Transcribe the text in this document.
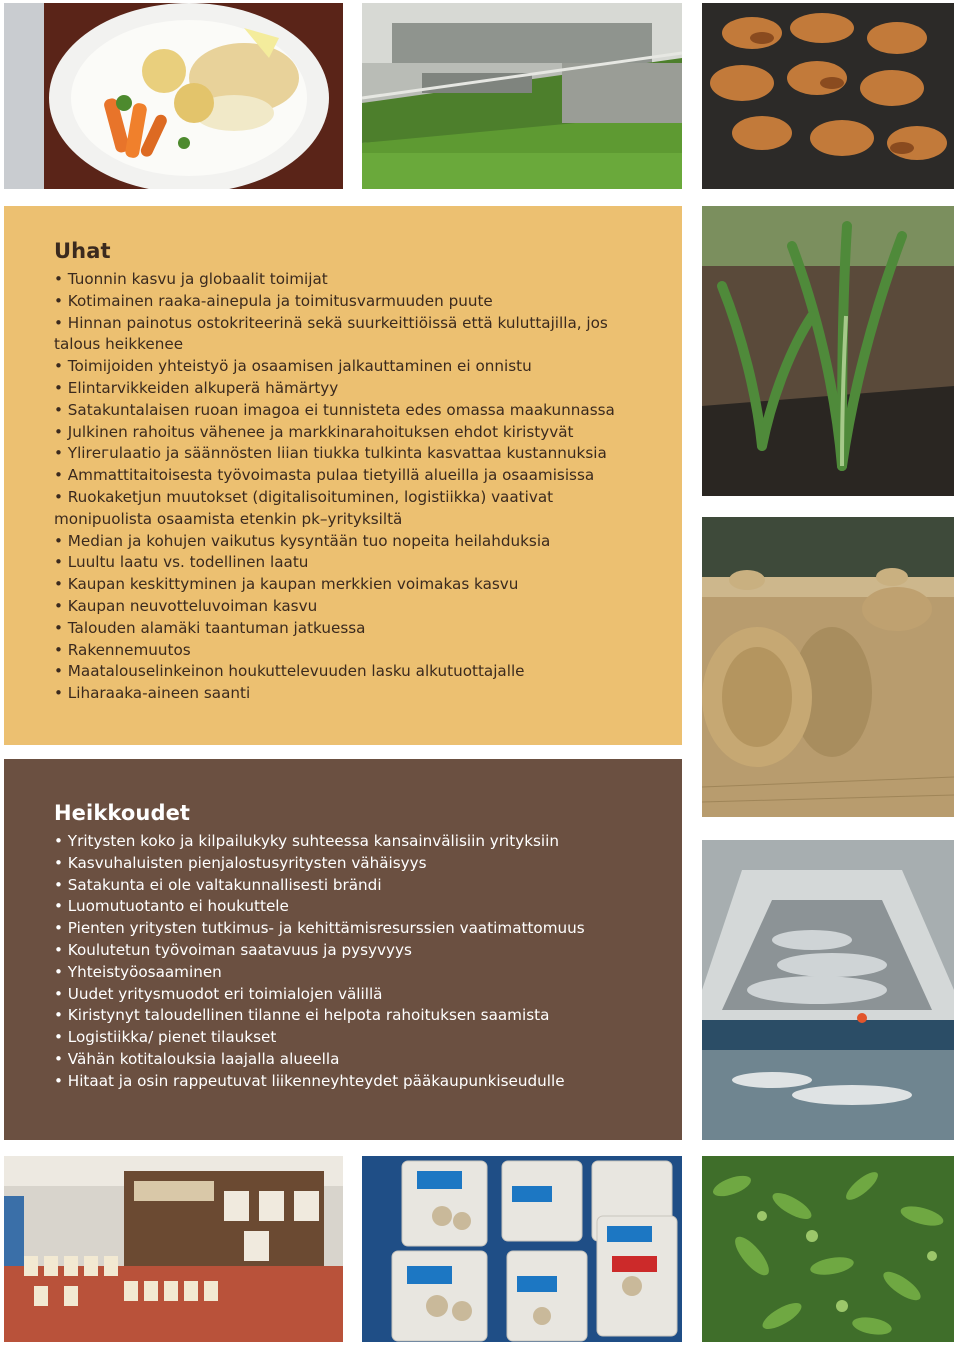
Uhat
• Tuonnin kasvu ja globaalit toimijat
• Kotimainen raaka-ainepula ja toimitusvarmuuden puute
• Hinnan painotus ostokriteerinä sekä suurkeittiöissä että kuluttajilla, jos talous heikkenee
• Toimijoiden yhteistyö ja osaamisen jalkauttaminen ei onnistu
• Elintarvikkeiden alkuperä hämärtyy
• Satakuntalaisen ruoan imagoa ei tunnisteta edes omassa maakunnassa
• Julkinen rahoitus vähenee ja markkinarahoituksen ehdot kiristyvät
• Ylirегulaatio ja säännösten liian tiukka tulkinta kasvattaa kustannuksia
• Ammattitaitoisesta työvoimasta pulaa tietyillä alueilla ja osaamisissa
• Ruokaketjun muutokset (digitalisoituminen, logistiikka) vaativat monipuolista osaamista etenkin pk–yrityksiltä
• Median ja kohujen vaikutus kysyntään tuo nopeita heilahduksia
• Luultu laatu vs. todellinen laatu
• Kaupan keskittyminen ja kaupan merkkien voimakas kasvu
• Kaupan neuvotteluvoiman kasvu
• Talouden alamäki taantuman jatkuessa
• Rakennemuutos
• Maatalouselinkeinon houkuttelevuuden lasku alkutuottajalle
• Liharaaka-aineen saanti
Heikkoudet
• Yritysten koko ja kilpailukyky suhteessa kansainvälisiin yrityksiin
• Kasvuhaluisten pienjalostusyritysten vähäisyys
• Satakunta ei ole valtakunnallisesti brändi
• Luomutuotanto ei houkuttele
• Pienten yritysten tutkimus- ja kehittämisresurssien vaatimattomuus
• Koulutetun työvoiman saatavuus ja pysyvyys
• Yhteistyöosaaminen
• Uudet yritysmuodot eri toimialojen välillä
• Kiristynyt taloudellinen tilanne ei helpota rahoituksen saamista
• Logistiikka/ pienet tilaukset
• Vähän kotitalouksia laajalla alueella
• Hitaat ja osin rappeutuvat liikenneyhteydet pääkaupunkiseudulle
